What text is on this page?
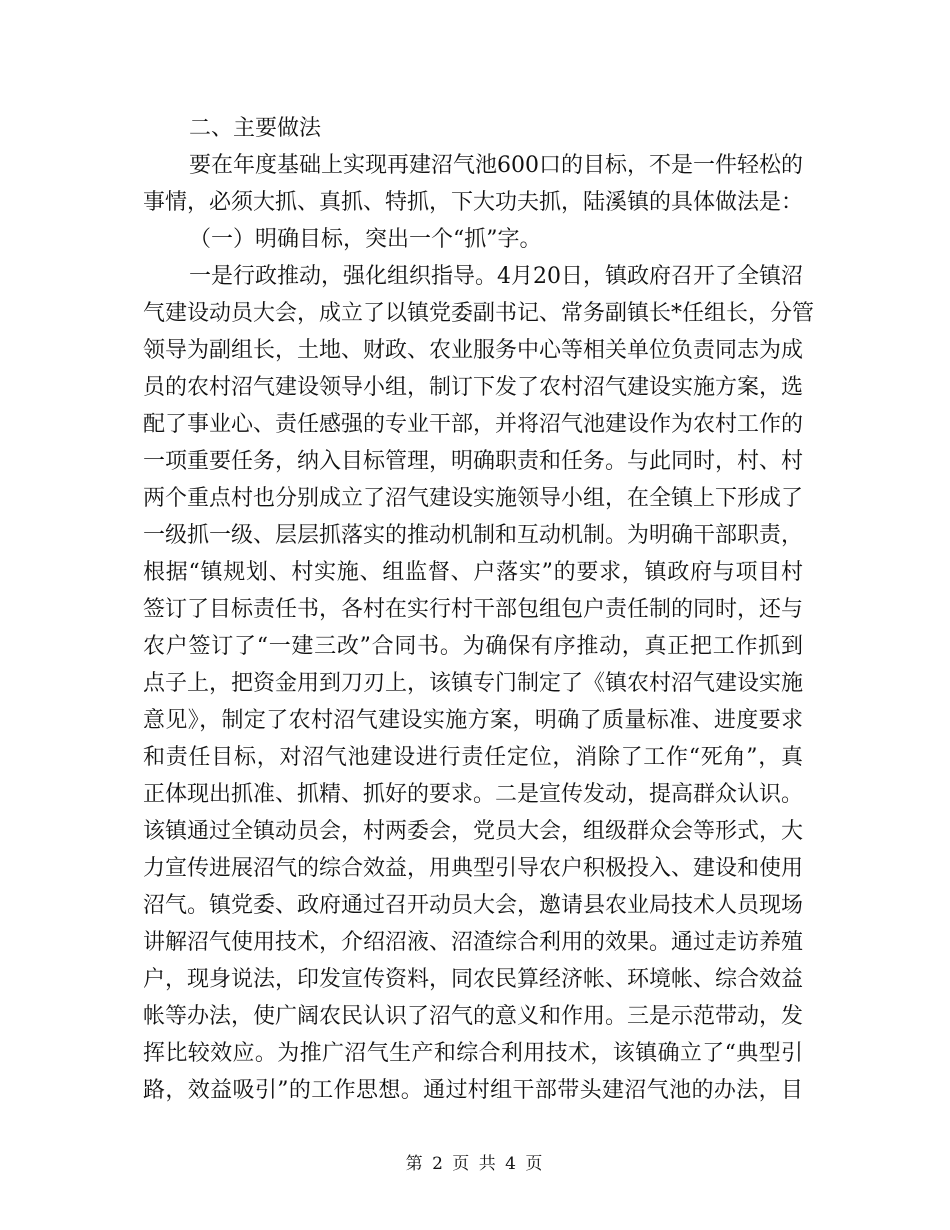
二、主要做法
要在年度基础上实现再建沼气池600口的目标，不是一件轻松的
事情，必须大抓、真抓、特抓，下大功夫抓，陆溪镇的具体做法是：
（一）明确目标，突出一个“抓”字。
一是行政推动，强化组织指导。4月20日，镇政府召开了全镇沼
气建设动员大会，成立了以镇党委副书记、常务副镇长*任组长，分管
领导为副组长，土地、财政、农业服务中心等相关单位负责同志为成
员的农村沼气建设领导小组，制订下发了农村沼气建设实施方案，选
配了事业心、责任感强的专业干部，并将沼气池建设作为农村工作的
一项重要任务，纳入目标管理，明确职责和任务。与此同时，村、村
两个重点村也分别成立了沼气建设实施领导小组，在全镇上下形成了
一级抓一级、层层抓落实的推动机制和互动机制。为明确干部职责，
根据“镇规划、村实施、组监督、户落实”的要求，镇政府与项目村
签订了目标责任书，各村在实行村干部包组包户责任制的同时，还与
农户签订了“一建三改”合同书。为确保有序推动，真正把工作抓到
点子上，把资金用到刀刃上，该镇专门制定了《镇农村沼气建设实施
意见》，制定了农村沼气建设实施方案，明确了质量标准、进度要求
和责任目标，对沼气池建设进行责任定位，消除了工作“死角”，真
正体现出抓准、抓精、抓好的要求。二是宣传发动，提高群众认识。
该镇通过全镇动员会，村两委会，党员大会，组级群众会等形式，大
力宣传进展沼气的综合效益，用典型引导农户积极投入、建设和使用
沼气。镇党委、政府通过召开动员大会，邀请县农业局技术人员现场
讲解沼气使用技术，介绍沼液、沼渣综合利用的效果。通过走访养殖
户，现身说法，印发宣传资料，同农民算经济帐、环境帐、综合效益
帐等办法，使广阔农民认识了沼气的意义和作用。三是示范带动，发
挥比较效应。为推广沼气生产和综合利用技术，该镇确立了“典型引
路，效益吸引”的工作思想。通过村组干部带头建沼气池的办法，目
第 2 页 共 4 页
